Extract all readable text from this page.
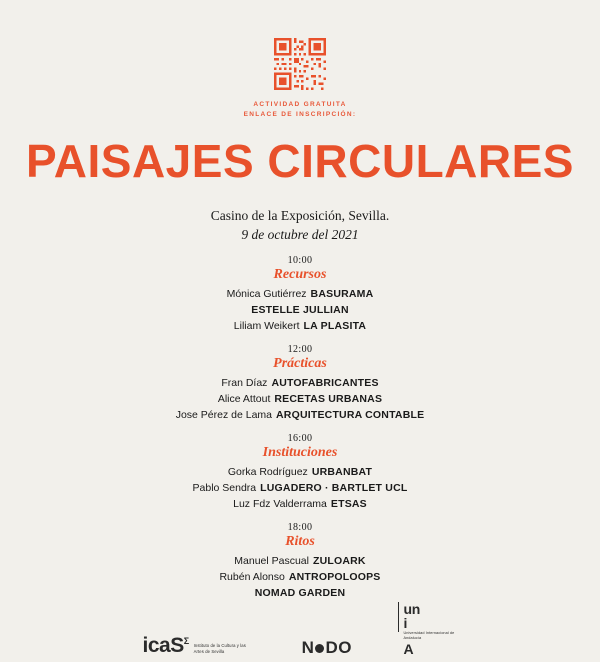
ACTIVIDAD GRATUITA
ENLACE DE INSCRIPCIÓN:
PAISAJES CIRCULARES
Casino de la Exposición, Sevilla.
9 de octubre del 2021
10:00
Recursos
Mónica Gutiérrez BASURAMA
ESTELLE JULLIAN
Liliam Weikert LA PLASITA
12:00
Prácticas
Fran Díaz AUTOFABRICANTES
Alice Attout RECETAS URBANAS
Jose Pérez de Lama ARQUITECTURA CONTABLE
16:00
Instituciones
Gorka Rodríguez URBANBAT
Pablo Sendra LUGADERO · BARTLET UCL
Luz Fdz Valderrama ETSAS
18:00
Ritos
Manuel Pascual ZULOARK
Rubén Alonso ANTROPOLOOPS
NOMAD GARDEN
icaS$^\Sigma$ Instituto de la Cultura y las Artes de Sevilla	N DO
un
i
Universidad Internacional de Andalucía
A
